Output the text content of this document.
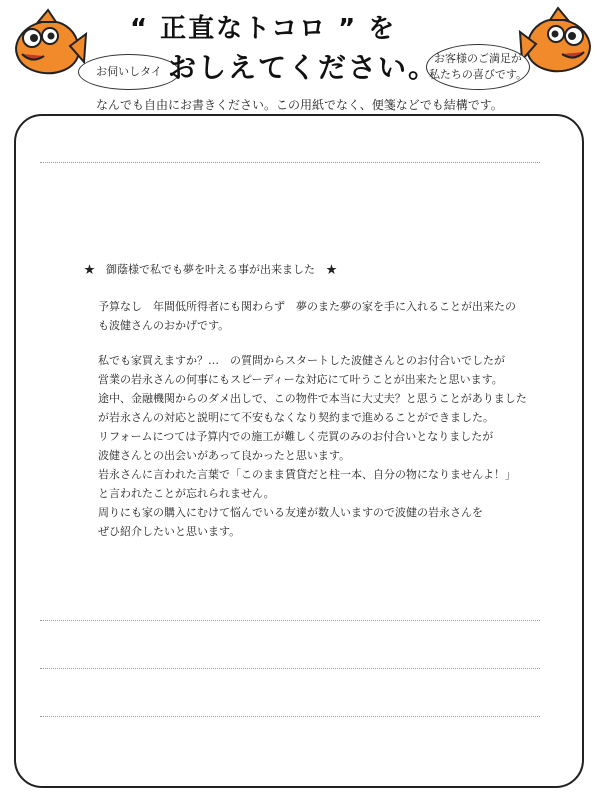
お伺いしタイ
お客様のご満足が
私たちの喜びです。
“ 正直なトコロ ” を
おしえてください。
なんでも自由にお書きください。この用紙でなく、便箋などでも結構です。
★　御蔭様で私でも夢を叶える事が出来ました　★
予算なし　年間低所得者にも関わらず　夢のまた夢の家を手に入れることが出来たの
も波健さんのおかげです。
私でも家買えますか？…　の質問からスタートした波健さんとのお付合いでしたが
営業の岩永さんの何事にもスピーディーな対応にて叶うことが出来たと思います。
途中、金融機関からのダメ出しで、この物件で本当に大丈夫？と思うことがありました
が岩永さんの対応と説明にて不安もなくなり契約まで進めることができました。
リフォームにつては予算内での施工が難しく売買のみのお付合いとなりましたが
波健さんとの出会いがあって良かったと思います。
岩永さんに言われた言葉で「このまま賃貸だと柱一本、自分の物になりませんよ！」
と言われたことが忘れられません。
周りにも家の購入にむけて悩んでいる友達が数人いますので波健の岩永さんを
ぜひ紹介したいと思います。
